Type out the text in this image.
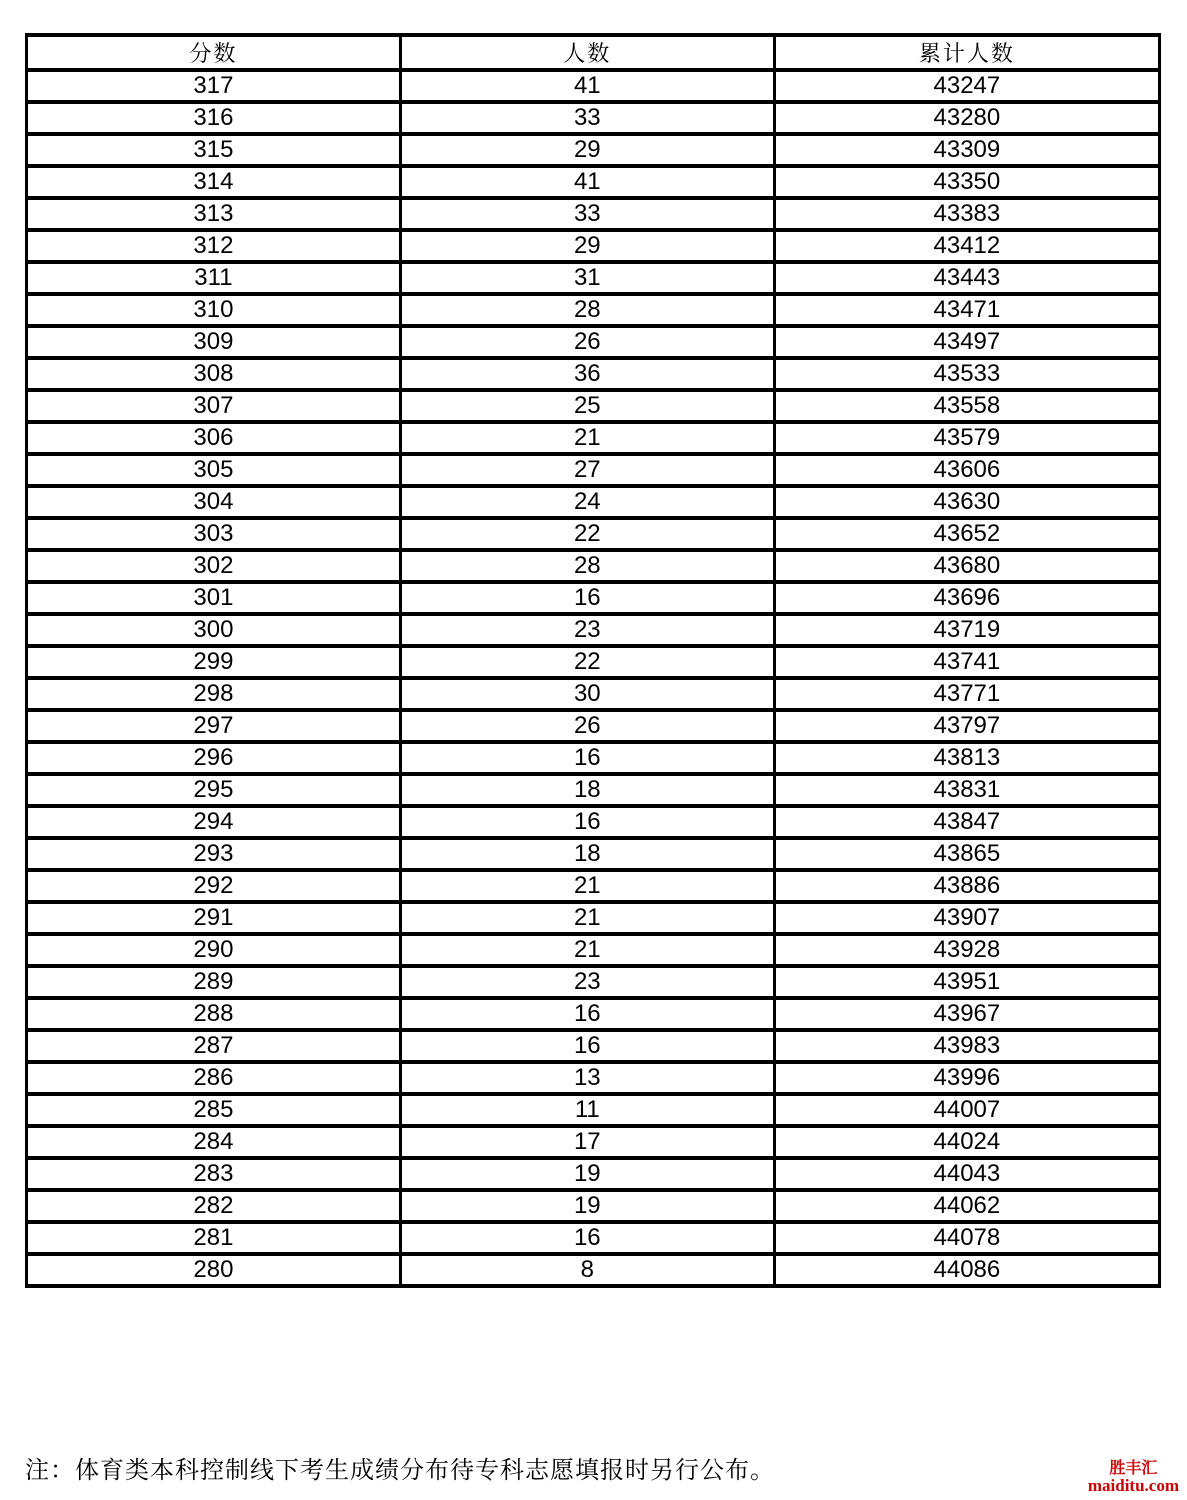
分数	人数	累计人数
317	41	43247
316	33	43280
315	29	43309
314	41	43350
313	33	43383
312	29	43412
311	31	43443
310	28	43471
309	26	43497
308	36	43533
307	25	43558
306	21	43579
305	27	43606
304	24	43630
303	22	43652
302	28	43680
301	16	43696
300	23	43719
299	22	43741
298	30	43771
297	26	43797
296	16	43813
295	18	43831
294	16	43847
293	18	43865
292	21	43886
291	21	43907
290	21	43928
289	23	43951
288	16	43967
287	16	43983
286	13	43996
285	11	44007
284	17	44024
283	19	44043
282	19	44062
281	16	44078
280	8	44086
注：体育类本科控制线下考生成绩分布待专科志愿填报时另行公布。	胜丰汇
maiditu.com
